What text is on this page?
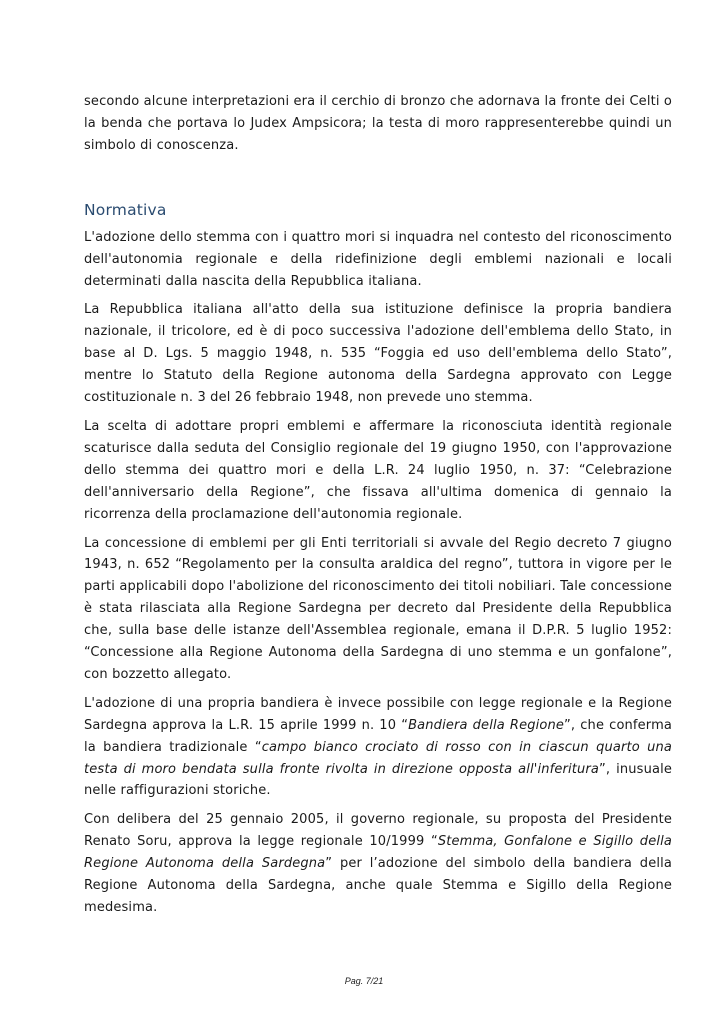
secondo alcune interpretazioni era il cerchio di bronzo che adornava la fronte dei Celti o la benda che portava lo Judex Ampsicora; la testa di moro rappresenterebbe quindi un simbolo di conoscenza.

Normativa

L'adozione dello stemma con i quattro mori si inquadra nel contesto del riconoscimento dell'autonomia regionale e della ridefinizione degli emblemi nazionali e locali determinati dalla nascita della Repubblica italiana.

La Repubblica italiana all'atto della sua istituzione definisce la propria bandiera nazionale, il tricolore, ed è di poco successiva l'adozione dell'emblema dello Stato, in base al D. Lgs. 5 maggio 1948, n. 535 “Foggia ed uso dell'emblema dello Stato”, mentre lo Statuto della Regione autonoma della Sardegna approvato con Legge costituzionale n. 3 del 26 febbraio 1948, non prevede uno stemma.

La scelta di adottare propri emblemi e affermare la riconosciuta identità regionale scaturisce dalla seduta del Consiglio regionale del 19 giugno 1950, con l'approvazione dello stemma dei quattro mori e della L.R. 24 luglio 1950, n. 37: “Celebrazione dell'anniversario della Regione”, che fissava all'ultima domenica di gennaio la ricorrenza della proclamazione dell'autonomia regionale.

La concessione di emblemi per gli Enti territoriali si avvale del Regio decreto 7 giugno 1943, n. 652 “Regolamento per la consulta araldica del regno”, tuttora in vigore per le parti applicabili dopo l'abolizione del riconoscimento dei titoli nobiliari. Tale concessione è stata rilasciata alla Regione Sardegna per decreto dal Presidente della Repubblica che, sulla base delle istanze dell'Assemblea regionale, emana il D.P.R. 5 luglio 1952: “Concessione alla Regione Autonoma della Sardegna di uno stemma e un gonfalone”, con bozzetto allegato.

L'adozione di una propria bandiera è invece possibile con legge regionale e la Regione Sardegna approva la L.R. 15 aprile 1999 n. 10 “Bandiera della Regione”, che conferma la bandiera tradizionale “campo bianco crociato di rosso con in ciascun quarto una testa di moro bendata sulla fronte rivolta in direzione opposta all'inferitura”, inusuale nelle raffigurazioni storiche.

Con delibera del 25 gennaio 2005, il governo regionale, su proposta del Presidente Renato Soru, approva la legge regionale 10/1999 “Stemma, Gonfalone e Sigillo della Regione Autonoma della Sardegna” per l’adozione del simbolo della bandiera della Regione Autonoma della Sardegna, anche quale Stemma e Sigillo della Regione medesima.

Pag. 7/21
